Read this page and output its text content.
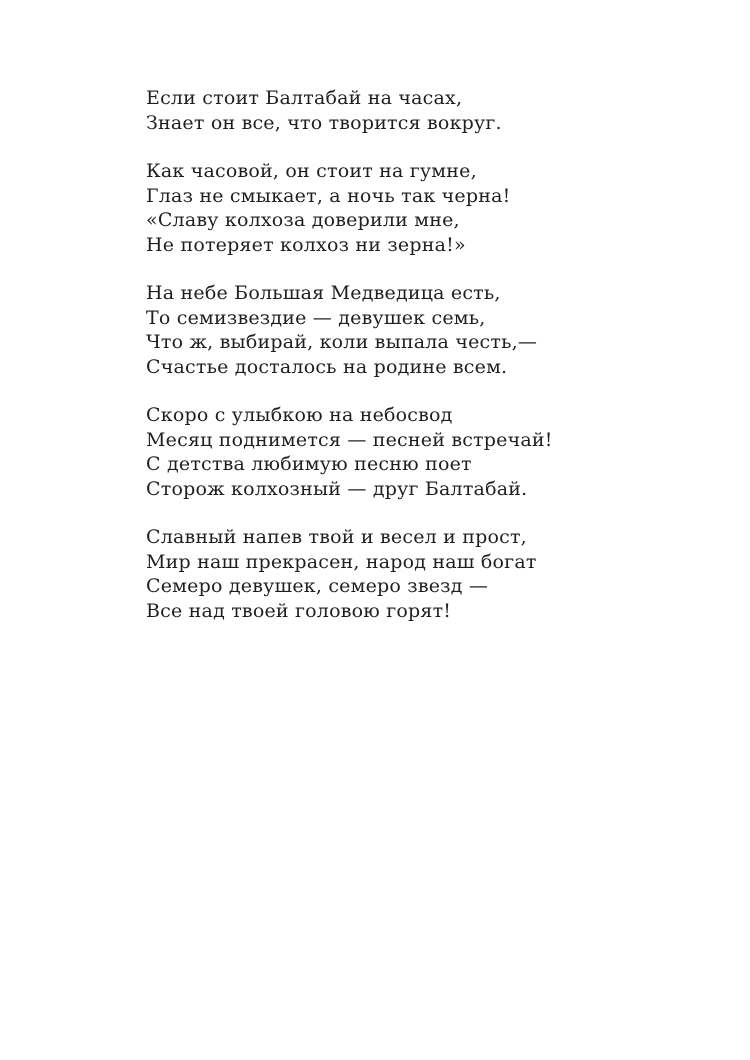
Если стоит Балтабай на часах,
Знает он все, что творится вокруг.
Как часовой, он стоит на гумне,
Глаз не смыкает, а ночь так черна!
«Славу колхоза доверили мне,
Не потеряет колхоз ни зерна!»
На небе Большая Медведица есть,
То семизвездие — девушек семь,
Что ж, выбирай, коли выпала честь,—
Счастье досталось на родине всем.
Скоро с улыбкою на небосвод
Месяц поднимется — песней встречай!
С детства любимую песню поет
Сторож колхозный — друг Балтабай.
Славный напев твой и весел и прост,
Мир наш прекрасен, народ наш богат
Семеро девушек, семеро звезд —
Все над твоей головою горят!
